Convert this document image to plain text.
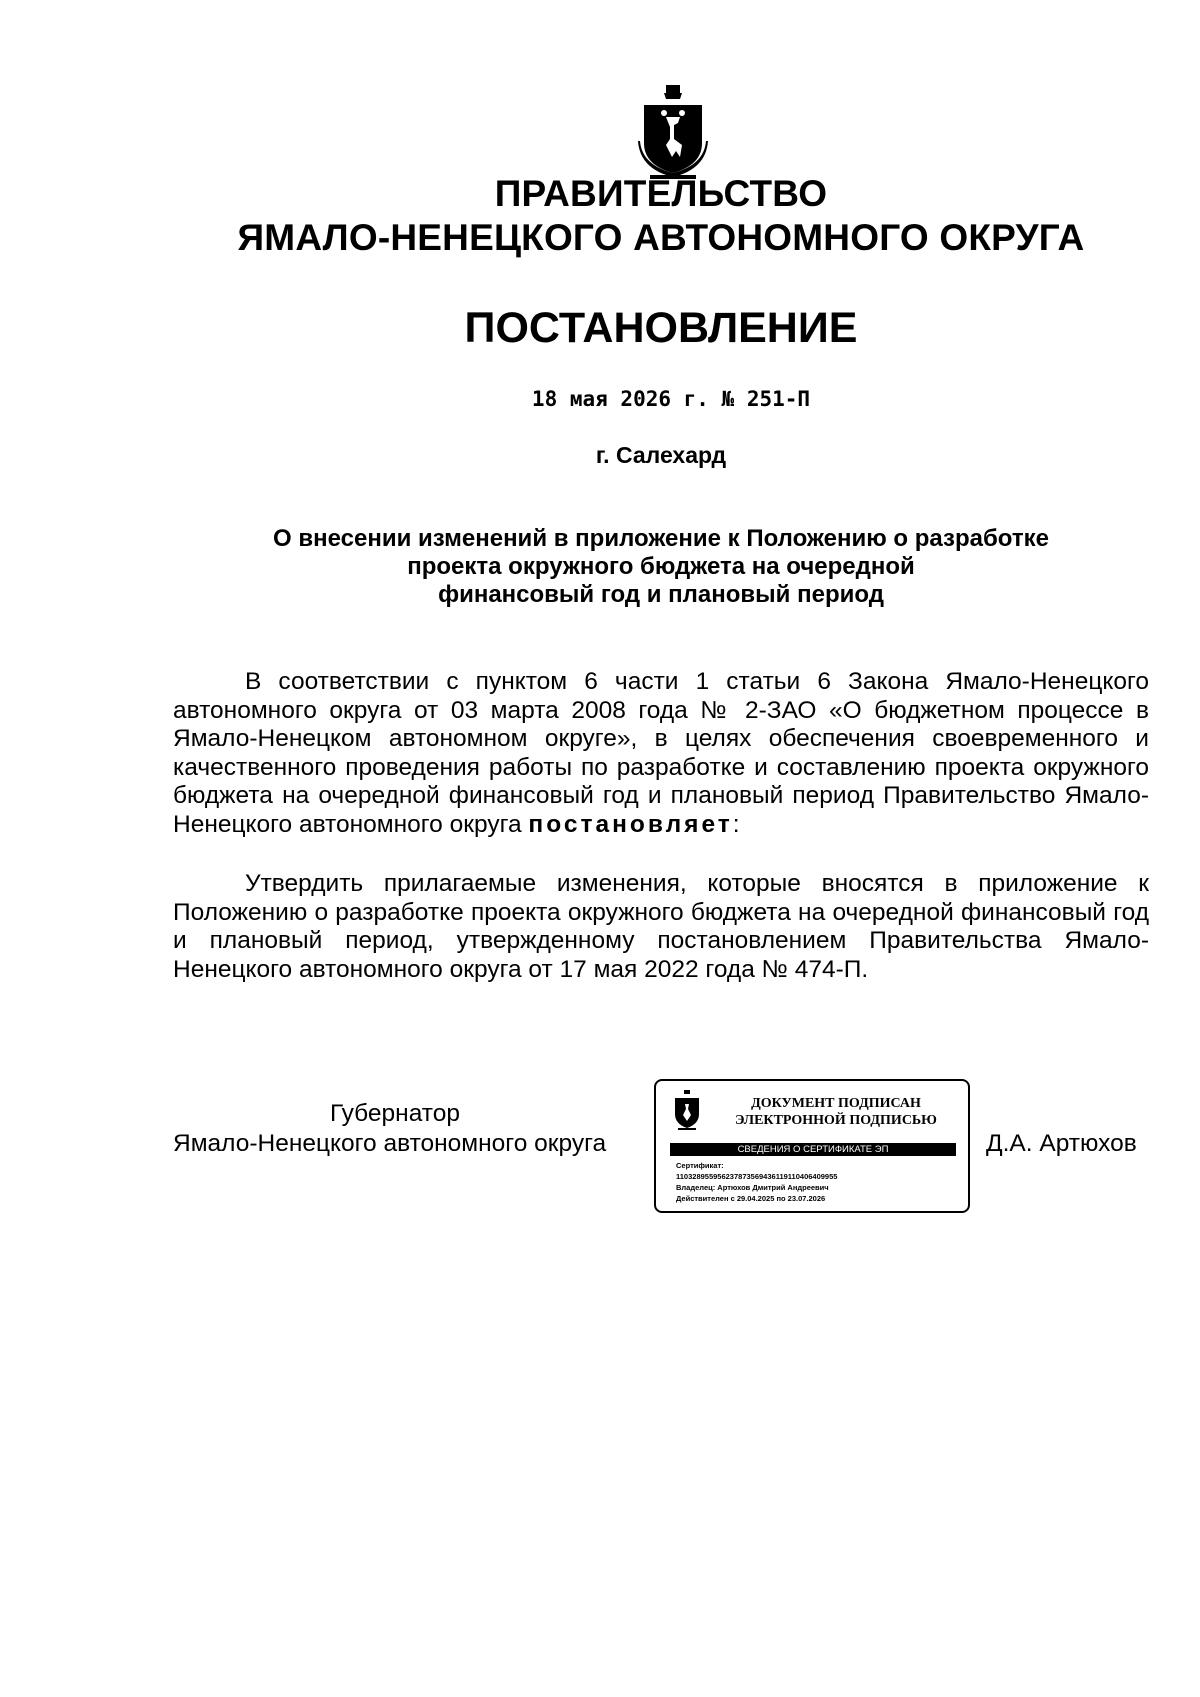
ПРАВИТЕЛЬСТВО
ЯМАЛО-НЕНЕЦКОГО АВТОНОМНОГО ОКРУГА
ПОСТАНОВЛЕНИЕ
18 мая 2026 г. № 251-П
г. Салехард
О внесении изменений в приложение к Положению о разработке
проекта окружного бюджета на очередной
финансовый год и плановый период
В соответствии с пунктом 6 части 1 статьи 6 Закона Ямало-Ненецкого автономного округа от 03 марта 2008 года № 2-ЗАО «О бюджетном процессе в Ямало-Ненецком автономном округе», в целях обеспечения своевременного и качественного проведения работы по разработке и составлению проекта окружного бюджета на очередной финансовый год и плановый период Правительство Ямало-Ненецкого автономного округа постановляет:
Утвердить прилагаемые изменения, которые вносятся в приложение к Положению о разработке проекта окружного бюджета на очередной финансовый год и плановый период, утвержденному постановлением Правительства Ямало-Ненецкого автономного округа от 17 мая 2022 года № 474-П.
Губернатор
Ямало-Ненецкого автономного округа	Д.А. Артюхов
ДОКУМЕНТ ПОДПИСАН
ЭЛЕКТРОННОЙ ПОДПИСЬЮ
СВЕДЕНИЯ О СЕРТИФИКАТЕ ЭП
Сертификат:
110328955956237873569436119110406409955
Владелец: Артюхов Дмитрий Андреевич
Действителен с 29.04.2025 по 23.07.2026
